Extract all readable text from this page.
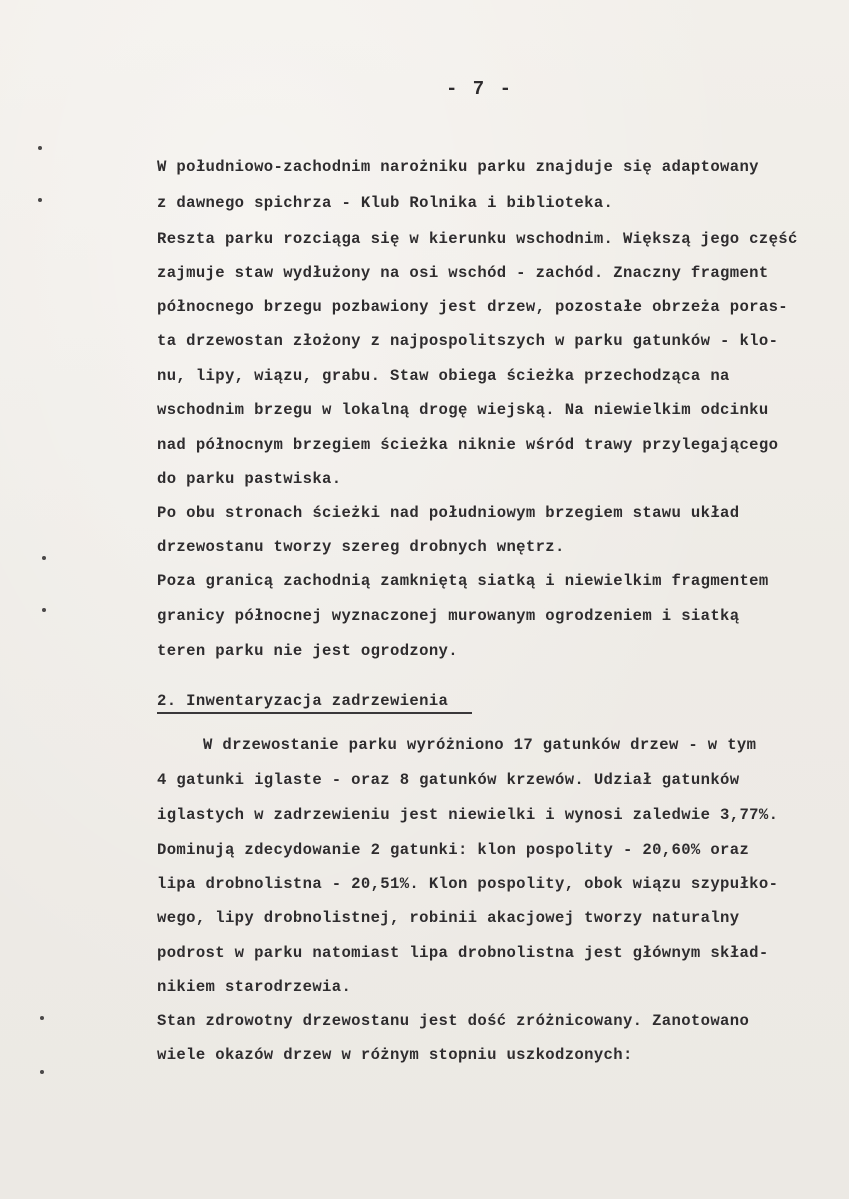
- 7 -
W południowo-zachodnim narożniku parku znajduje się adaptowany
z dawnego spichrza - Klub Rolnika i biblioteka.
Reszta parku rozciąga się w kierunku wschodnim. Większą jego część
zajmuje staw wydłużony na osi wschód - zachód. Znaczny fragment
północnego brzegu pozbawiony jest drzew, pozostałe obrzeża poras-
ta drzewostan złożony z najpospolitszych w parku gatunków - klo-
nu, lipy, wiązu, grabu. Staw obiega ścieżka przechodząca na
wschodnim brzegu w lokalną drogę wiejską. Na niewielkim odcinku
nad północnym brzegiem ścieżka niknie wśród trawy przylegającego
do parku pastwiska.
Po obu stronach ścieżki nad południowym brzegiem stawu układ
drzewostanu tworzy szereg drobnych wnętrz.
Poza granicą zachodnią zamkniętą siatką i niewielkim fragmentem
granicy północnej wyznaczonej murowanym ogrodzeniem i siatką
teren parku nie jest ogrodzony.
2. Inwentaryzacja zadrzewienia
W drzewostanie parku wyróżniono 17 gatunków drzew - w tym
4 gatunki iglaste - oraz 8 gatunków krzewów. Udział gatunków
iglastych w zadrzewieniu jest niewielki i wynosi zaledwie 3,77%.
Dominują zdecydowanie 2 gatunki: klon pospolity - 20,60% oraz
lipa drobnolistna - 20,51%. Klon pospolity, obok wiązu szypułko-
wego, lipy drobnolistnej, robinii akacjowej tworzy naturalny
podrost w parku natomiast lipa drobnolistna jest głównym skład-
nikiem starodrzewia.
Stan zdrowotny drzewostanu jest dość zróżnicowany. Zanotowano
wiele okazów drzew w różnym stopniu uszkodzonych:
